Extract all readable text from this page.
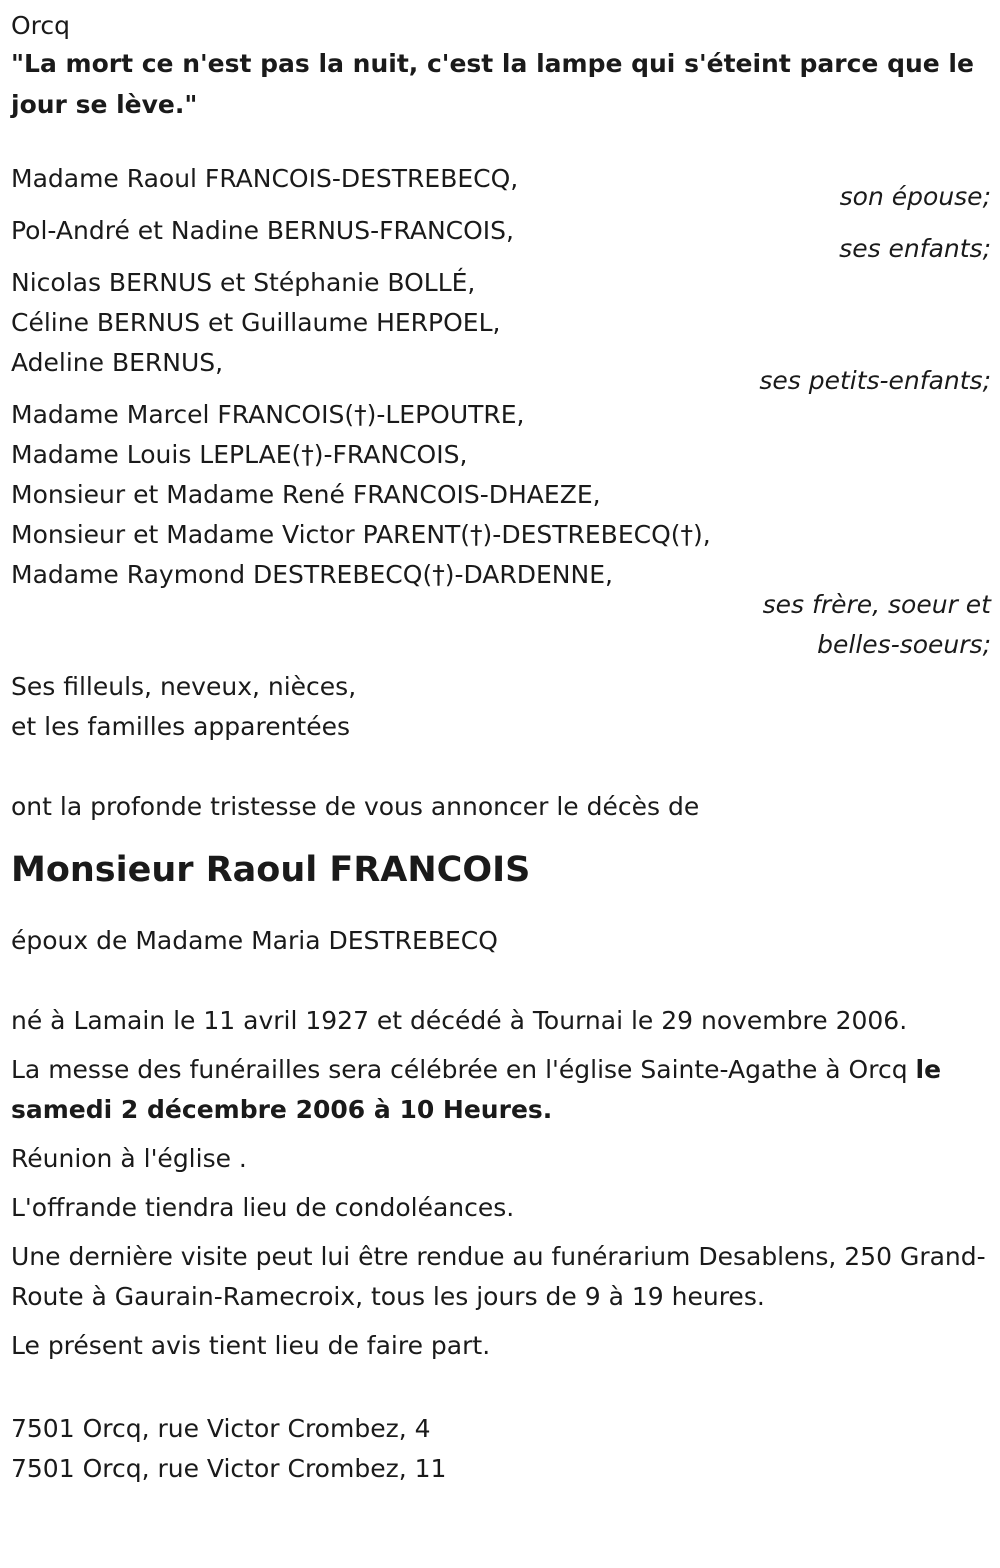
Orcq
"La mort ce n'est pas la nuit, c'est la lampe qui s'éteint parce que le jour se lève."
Madame Raoul FRANCOIS-DESTREBECQ,
son épouse;
Pol-André et Nadine BERNUS-FRANCOIS,
ses enfants;
Nicolas BERNUS et Stéphanie BOLLÉ,
Céline BERNUS et Guillaume HERPOEL,
Adeline BERNUS,
ses petits-enfants;
Madame Marcel FRANCOIS(†)-LEPOUTRE,
Madame Louis LEPLAE(†)-FRANCOIS,
Monsieur et Madame René FRANCOIS-DHAEZE,
Monsieur et Madame Victor PARENT(†)-DESTREBECQ(†),
Madame Raymond DESTREBECQ(†)-DARDENNE,
ses frère, soeur et
belles-soeurs;
Ses filleuls, neveux, nièces,
et les familles apparentées
ont la profonde tristesse de vous annoncer le décès de
Monsieur Raoul FRANCOIS
époux de Madame Maria DESTREBECQ
né à Lamain le 11 avril 1927 et décédé à Tournai le 29 novembre 2006.
La messe des funérailles sera célébrée en l'église Sainte-Agathe à Orcq le samedi 2 décembre 2006 à 10 Heures.
Réunion à l'église .
L'offrande tiendra lieu de condoléances.
Une dernière visite peut lui être rendue au funérarium Desablens, 250 Grand-Route à Gaurain-Ramecroix, tous les jours de 9 à 19 heures.
Le présent avis tient lieu de faire part.
7501 Orcq, rue Victor Crombez, 4
7501 Orcq, rue Victor Crombez, 11
